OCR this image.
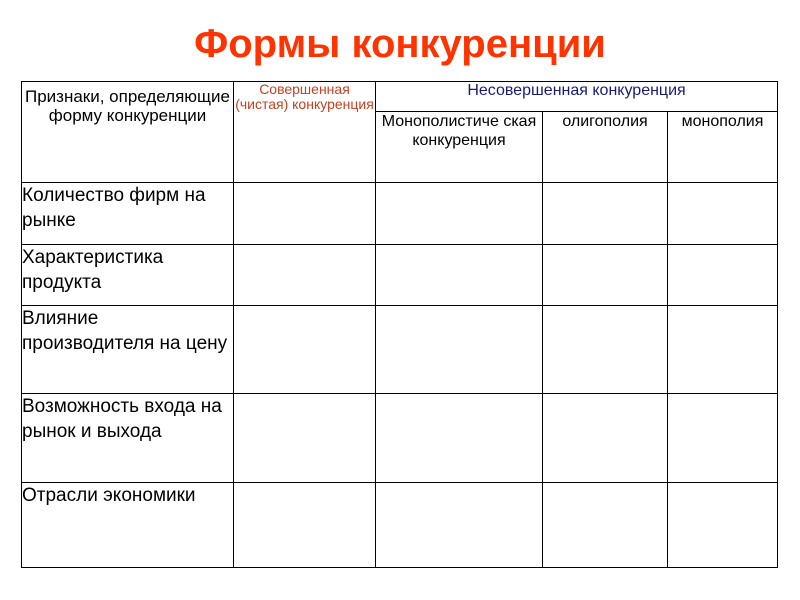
Формы конкуренции
Признаки, определяющие форму конкуренции	Совершенная (чистая) конкуренция	Несовершенная конкуренция		
		Монополистиче ская конкуренция	олигополия	монополия
Количество фирм на рынке				
Характеристика продукта				
Влияние производителя на цену				
Возможность входа на рынок и выхода				
Отрасли экономики				
